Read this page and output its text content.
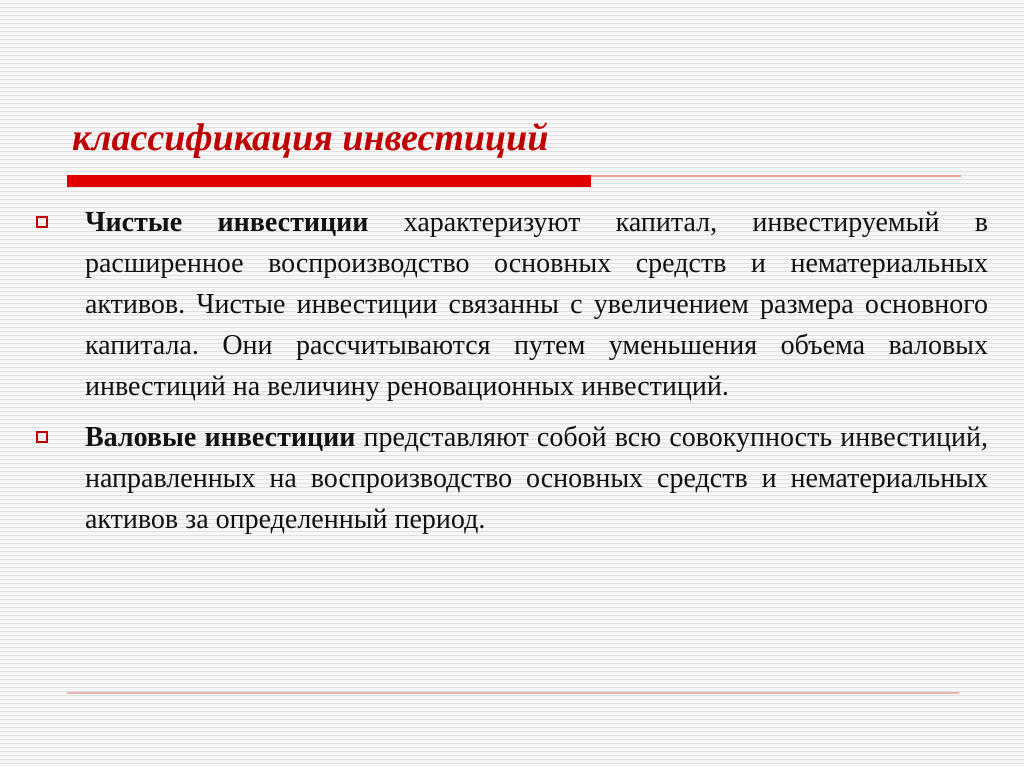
классификация инвестиций

Чистые инвестиции характеризуют капитал, инвестируемый в расширенное воспроизводство основных средств и нематериальных активов. Чистые инвестиции связанны с увеличением размера основного капитала. Они рассчитываются путем уменьшения объема валовых инвестиций на величину реновационных инвестиций.

Валовые инвестиции представляют собой всю совокупность инвестиций, направленных на воспроизводство основных средств и нематериальных активов за определенный период.
